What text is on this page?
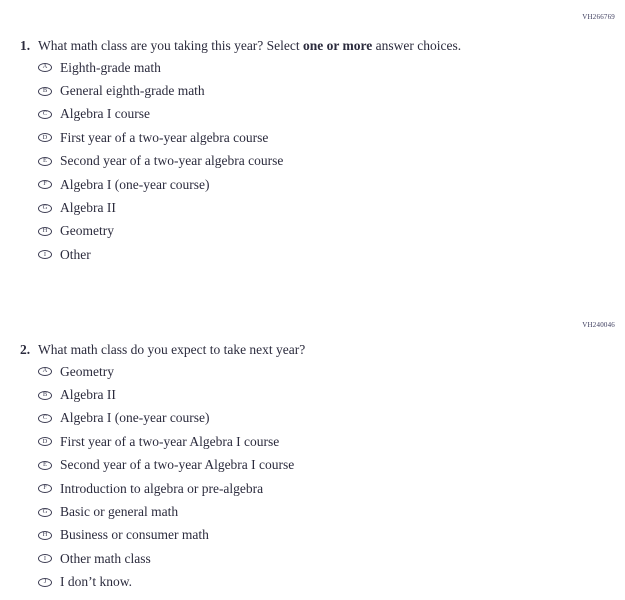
VH266769
1. What math class are you taking this year? Select one or more answer choices.
A Eighth-grade math
B General eighth-grade math
C Algebra I course
D First year of a two-year algebra course
E Second year of a two-year algebra course
F Algebra I (one-year course)
G Algebra II
H Geometry
I	Other
VH240046
2. What math class do you expect to take next year?
A Geometry
B Algebra II
C Algebra I (one-year course)
D First year of a two-year Algebra I course
E Second year of a two-year Algebra I course
F Introduction to algebra or pre-algebra
G Basic or general math
H Business or consumer math
I	Other math class
J	I don’t know.
